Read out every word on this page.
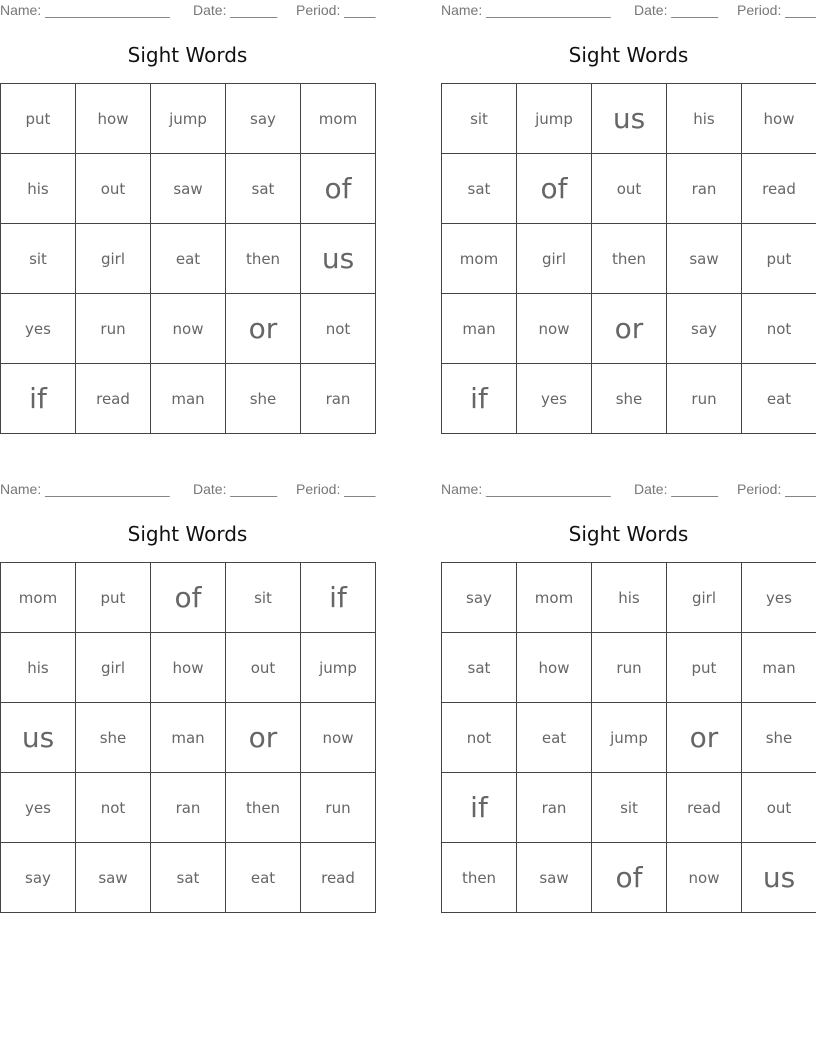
Name: ________________ Date: ______ Period: ____
Sight Words
put	how	jump	say	mom
his	out	saw	sat	of
sit	girl	eat	then	us
yes	run	now	or	not
if	read	man	she	ran
Name: ________________ Date: ______ Period: ____
Sight Words
sit	jump	us	his	how
sat	of	out	ran	read
mom	girl	then	saw	put
man	now	or	say	not
if	yes	she	run	eat
Name: ________________ Date: ______ Period: ____
Sight Words
mom	put	of	sit	if
his	girl	how	out	jump
us	she	man	or	now
yes	not	ran	then	run
say	saw	sat	eat	read
Name: ________________ Date: ______ Period: ____
Sight Words
say	mom	his	girl	yes
sat	how	run	put	man
not	eat	jump	or	she
if	ran	sit	read	out
then	saw	of	now	us
